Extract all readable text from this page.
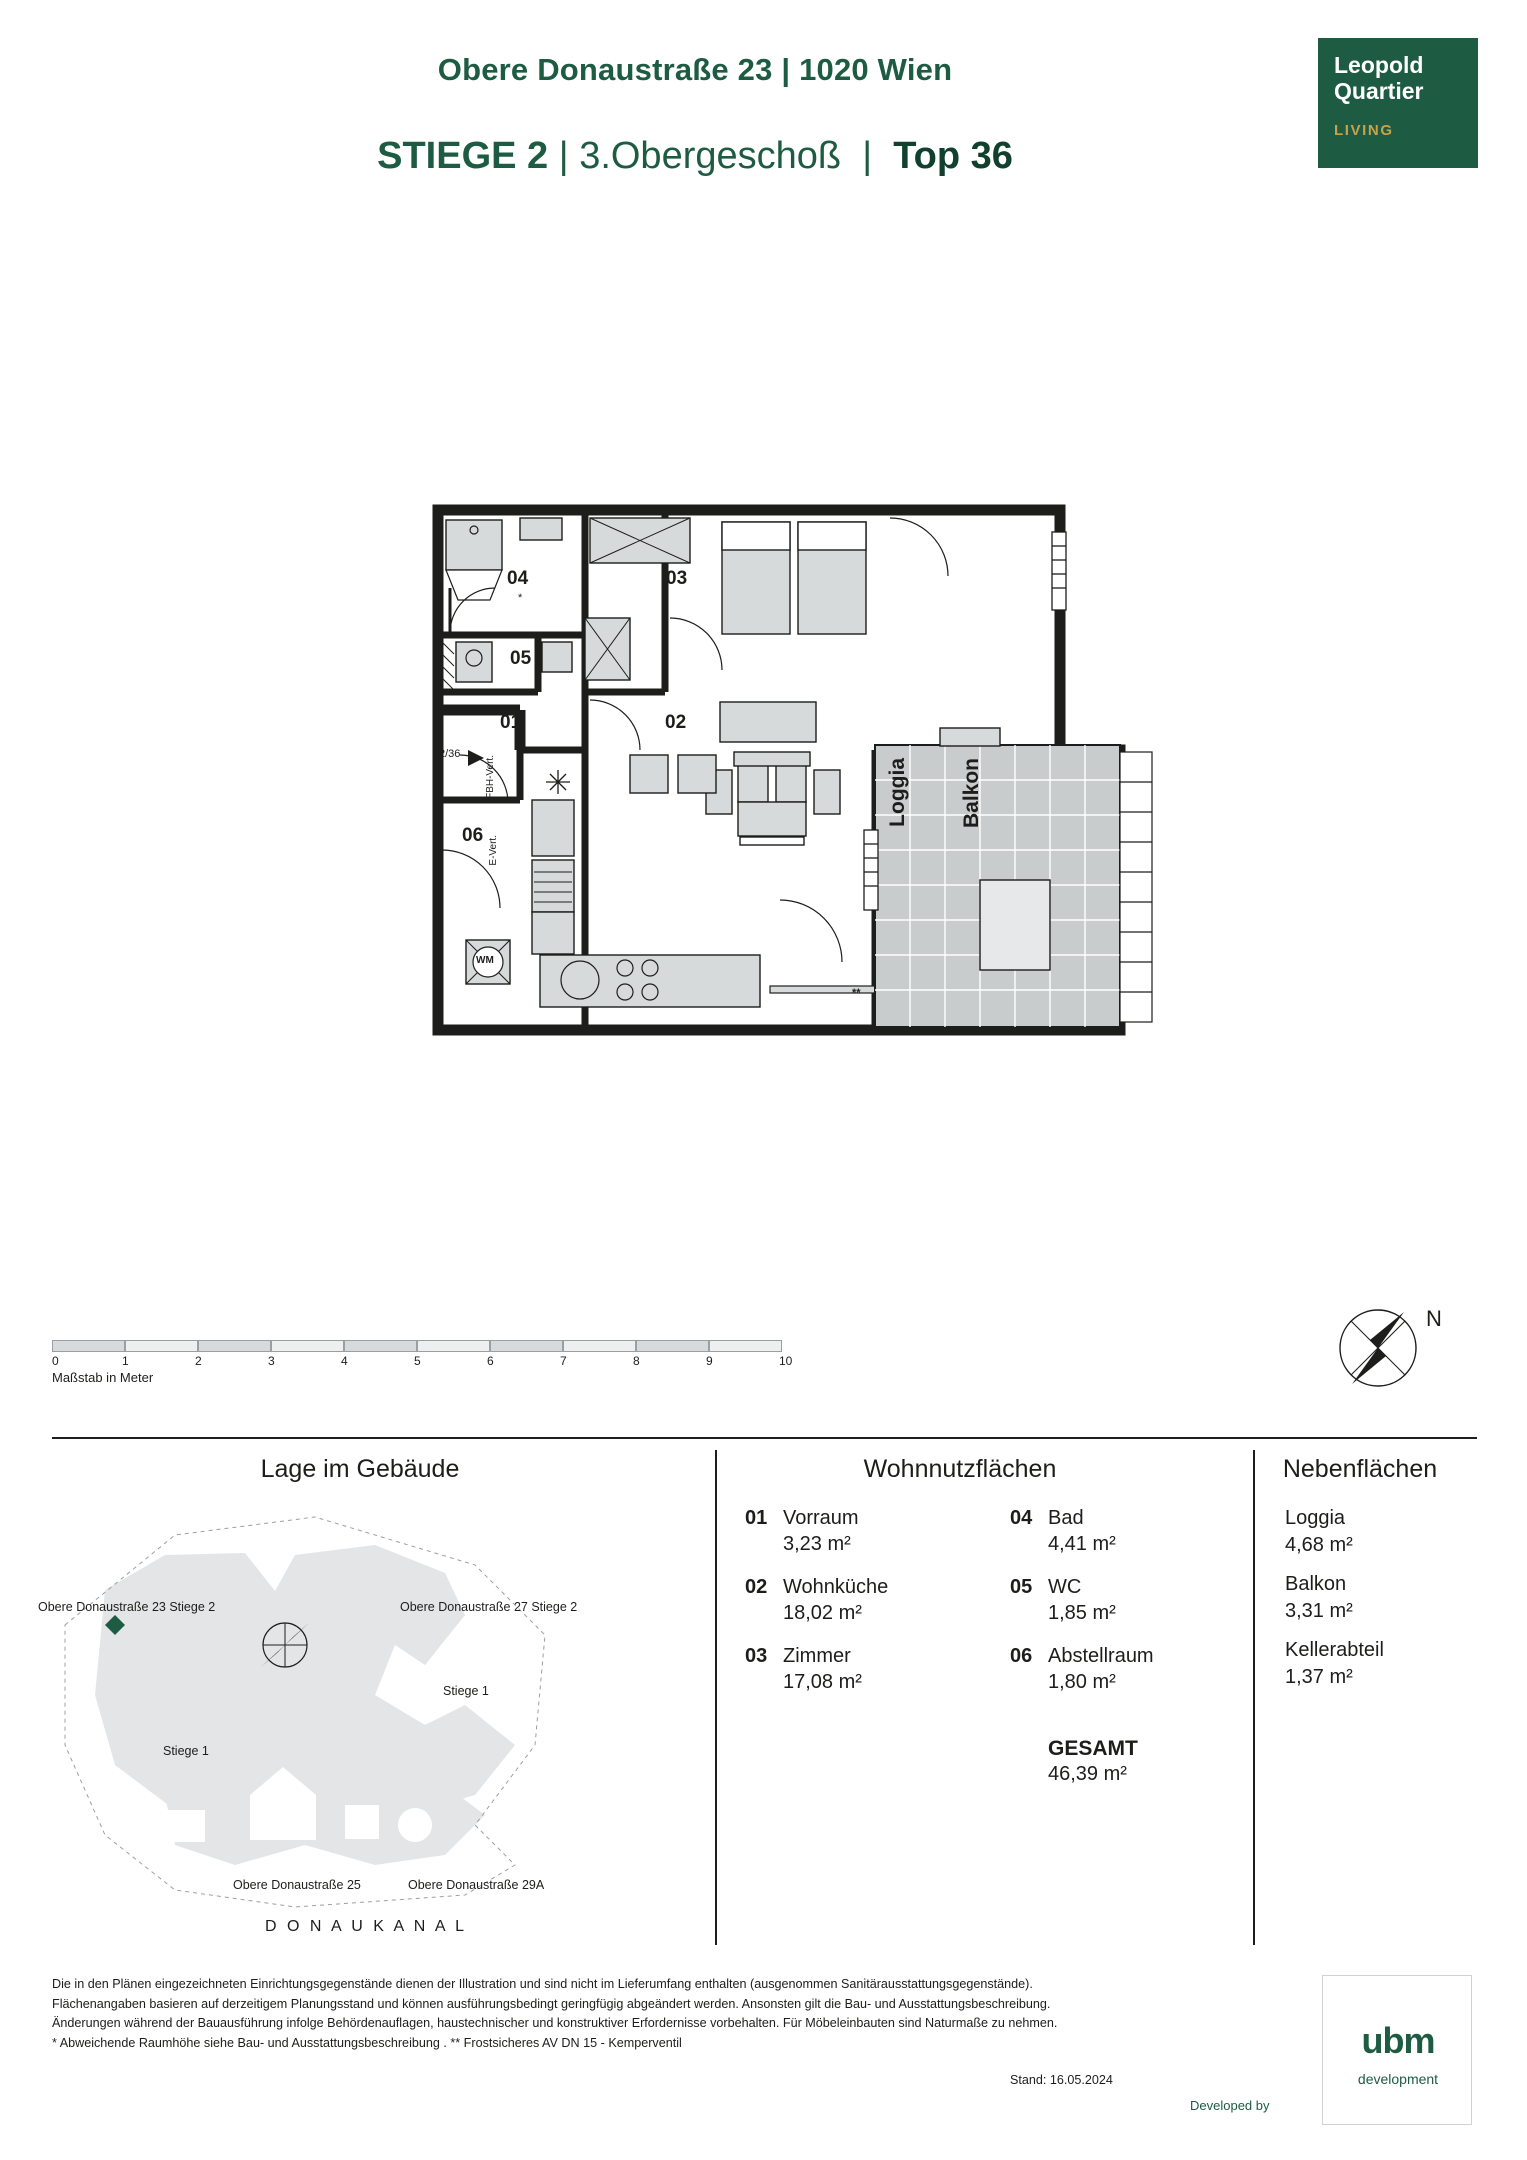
Obere Donaustraße 23 | 1020 Wien
STIEGE 2 | 3.Obergeschoß | Top 36
Leopold
Quartier
LIVING
04
*
05
01	02
03
06
2/36
FBH-Vert.
E-Vert.
WM
Loggia Balkon
**
0	1	2	3	4	5	6	7	8	9	10
Maßstab in Meter
N
Lage im Gebäude	Wohnnutzflächen	Nebenflächen
Obere Donaustraße 23 Stiege 2	Obere Donaustraße 27 Stiege 2
Stiege 1
Stiege 1
Obere Donaustraße 25	Obere Donaustraße 29A
D O N A U K A N A L
01 Vorraum
3,23 m²
02 Wohnküche
18,02 m²
03 Zimmer
17,08 m²
04 Bad
4,41 m²
05 WC
1,85 m²
06 Abstellraum
1,80 m²
GESAMT
46,39 m²
Loggia
4,68 m²
Balkon
3,31 m²
Kellerabteil
1,37 m²
Die in den Plänen eingezeichneten Einrichtungsgegenstände dienen der Illustration und sind nicht im Lieferumfang enthalten (ausgenommen Sanitärausstattungsgegenstände).
Flächenangaben basieren auf derzeitigem Planungsstand und können ausführungsbedingt geringfügig abgeändert werden. Ansonsten gilt die Bau- und Ausstattungsbeschreibung.
Änderungen während der Bauausführung infolge Behördenauflagen, haustechnischer und konstruktiver Erfordernisse vorbehalten. Für Möbeleinbauten sind Naturmaße zu nehmen.
* Abweichende Raumhöhe siehe Bau- und Ausstattungsbeschreibung . ** Frostsicheres AV DN 15 - Kemperventil
Stand: 16.05.2024
ubm
development
Developed by
